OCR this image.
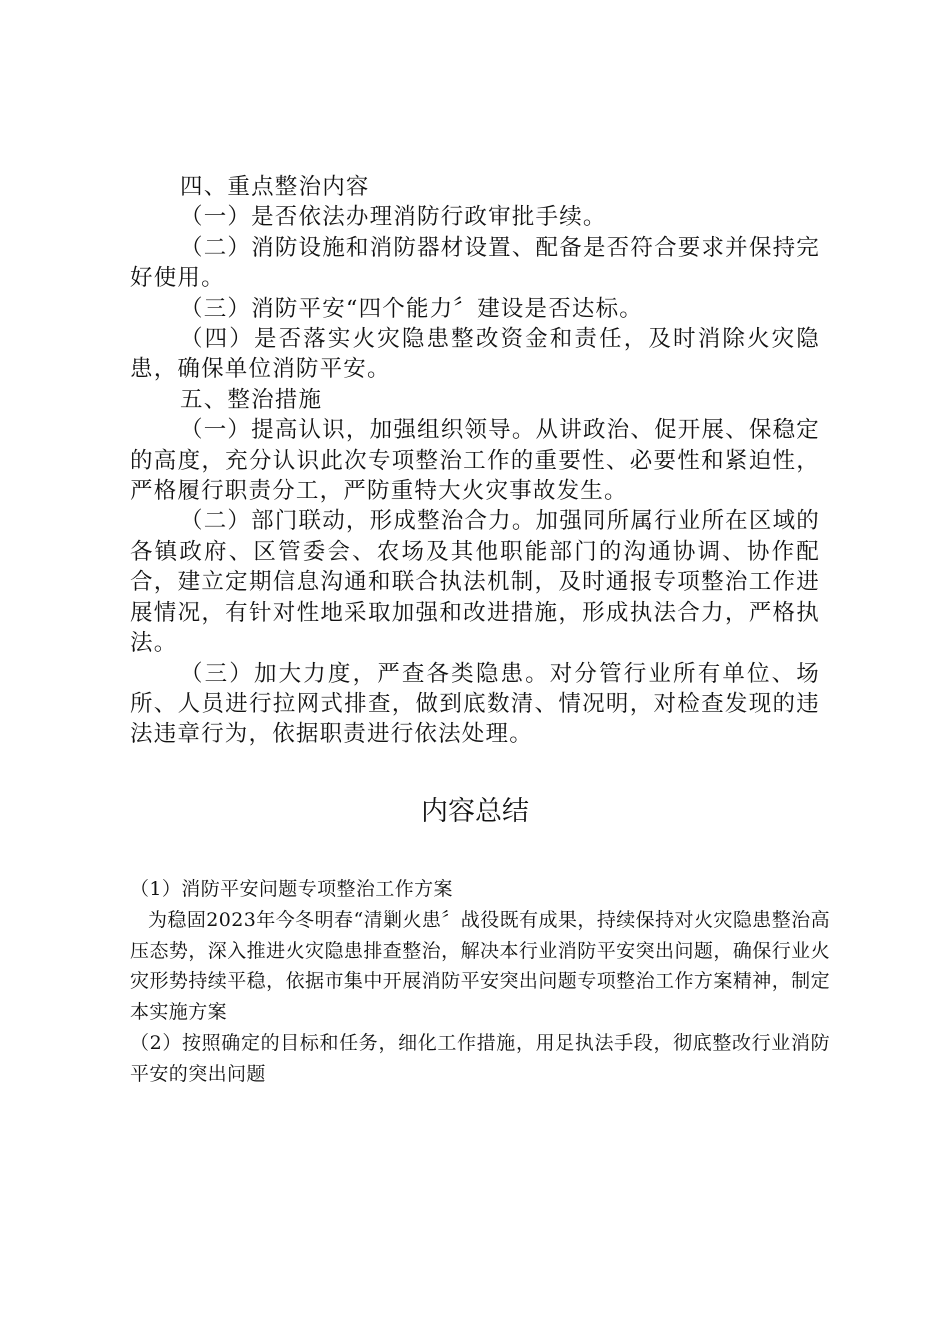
四、重点整治内容

（一）是否依法办理消防行政审批手续。

（二）消防设施和消防器材设置、配备是否符合要求并保持完好使用。

（三）消防平安“四个能力〞建设是否达标。

（四）是否落实火灾隐患整改资金和责任，及时消除火灾隐患，确保单位消防平安。

五、整治措施

（一）提高认识，加强组织领导。从讲政治、促开展、保稳定的高度，充分认识此次专项整治工作的重要性、必要性和紧迫性，严格履行职责分工，严防重特大火灾事故发生。

（二）部门联动，形成整治合力。加强同所属行业所在区域的各镇政府、区管委会、农场及其他职能部门的沟通协调、协作配合，建立定期信息沟通和联合执法机制，及时通报专项整治工作进展情况，有针对性地采取加强和改进措施，形成执法合力，严格执法。

（三）加大力度，严查各类隐患。对分管行业所有单位、场所、人员进行拉网式排查，做到底数清、情况明，对检查发现的违法违章行为，依据职责进行依法处理。

内容总结

（1）消防平安问题专项整治工作方案

为稳固2023年今冬明春“清剿火患〞战役既有成果，持续保持对火灾隐患整治高压态势，深入推进火灾隐患排查整治，解决本行业消防平安突出问题，确保行业火灾形势持续平稳，依据市集中开展消防平安突出问题专项整治工作方案精神，制定本实施方案

（2）按照确定的目标和任务，细化工作措施，用足执法手段，彻底整改行业消防平安的突出问题
